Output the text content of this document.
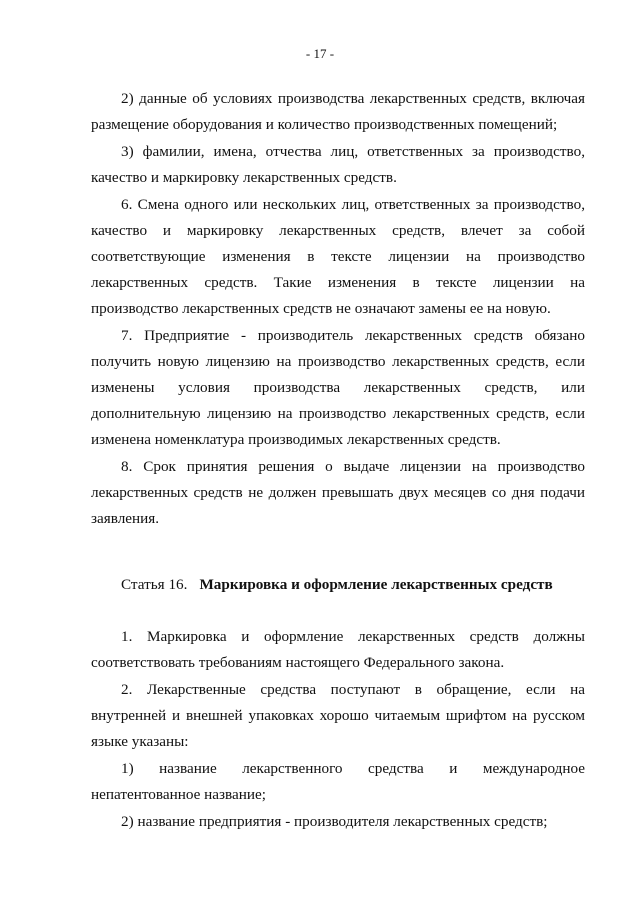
- 17 -

2) данные об условиях производства лекарственных средств, включая размещение оборудования и количество производственных помещений;

3) фамилии, имена, отчества лиц, ответственных за производство, качество и маркировку лекарственных средств.

6. Смена одного или нескольких лиц, ответственных за производство, качество и маркировку лекарственных средств, влечет за собой соответствующие изменения в тексте лицензии на производство лекарственных средств. Такие изменения в тексте лицензии на производство лекарственных средств не означают замены ее на новую.

7. Предприятие - производитель лекарственных средств обязано получить новую лицензию на производство лекарственных средств, если изменены условия производства лекарственных средств, или дополнительную лицензию на производство лекарственных средств, если изменена номенклатура производимых лекарственных средств.

8. Срок принятия решения о выдаче лицензии на производство лекарственных средств не должен превышать двух месяцев со дня подачи заявления.

Статья 16. Маркировка и оформление лекарственных средств

1. Маркировка и оформление лекарственных средств должны соответствовать требованиям настоящего Федерального закона.

2. Лекарственные средства поступают в обращение, если на внутренней и внешней упаковках хорошо читаемым шрифтом на русском языке указаны:

1) название лекарственного средства и международное непатентованное название;

2) название предприятия - производителя лекарственных средств;
